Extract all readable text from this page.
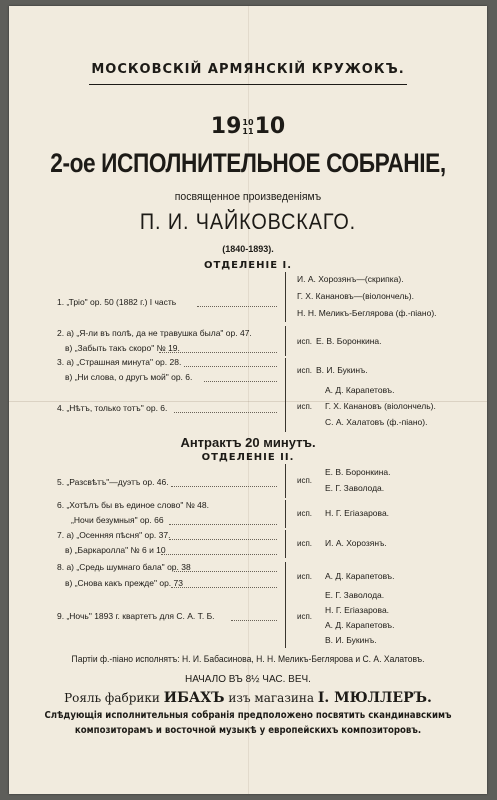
МОСКОВСКIЙ АРМЯНСКIЙ КРУЖОКЪ.
19 10
11 10
2-ое ИСПОЛНИТЕЛЬНОЕ СОБРАНIЕ,
посвященное произведенiямъ
П. И. ЧАЙКОВСКАГО.
(1840-1893).
ОТДЕЛЕНIЕ I.
1. „Трiо" ор. 50 (1882 г.) I часть
2. а) „Я-ли въ полѣ, да не травушка была" ор. 47.
в) „Забыть такъ скоро" № 19.
3. а) „Страшная минута" ор. 28.
в) „Ни слова, о другъ мой" ор. 6.
4. „Нѣтъ, только тотъ" ор. 6.
И. А. Хорозянъ—(скрипка).
Г. Х. Канановъ—(вiолончель).
Н. Н. Меликъ-Беглярова (ф.-пiано).
исп. Е. В. Боронкина.
исп. В. И. Букинъ.
исп.
А. Д. Карапетовъ.
Г. Х. Канановъ (вiолончель).
С. А. Халатовъ (ф.-пiано).
Антрактъ 20 минутъ.
ОТДЕЛЕНIЕ II.
5. „Разсвѣтъ"—дуэтъ ор. 46.
6. „Хотѣлъ бы въ единое слово" № 48.
„Ночи безумныя" ор. 66
7. а) „Осенняя пѣсня" ор. 37.
в) „Баркаролла" № 6 и 10
8. а) „Средь шумнаго бала" ор. 38
в) „Снова какъ прежде" ор. 73
9. „Ночь" 1893 г. квартетъ для С. А. Т. Б.
исп.
Е. В. Боронкина.
Е. Г. Заволода.
исп. Н. Г. Егiазарова.
исп. И. А. Хорозянъ.
исп. А. Д. Карапетовъ.
исп.
Е. Г. Заволода.
Н. Г. Егiазарова.
А. Д. Карапетовъ.
В. И. Букинъ.
Партiи ф.-пiано исполнятъ: Н. И. Бабасинова, Н. Н. Меликъ-Беглярова и С. А. Халатовъ.
НАЧАЛО ВЪ 8½ ЧАС. ВЕЧ.
Рояль фабрики ИБАХЪ изъ магазина I. МЮЛЛЕРЪ.
Слѣдующiя исполнительныя собранiя предположено посвятить скандинавскимъ
композиторамъ и восточной музыкѣ у европейскихъ композиторовъ.
